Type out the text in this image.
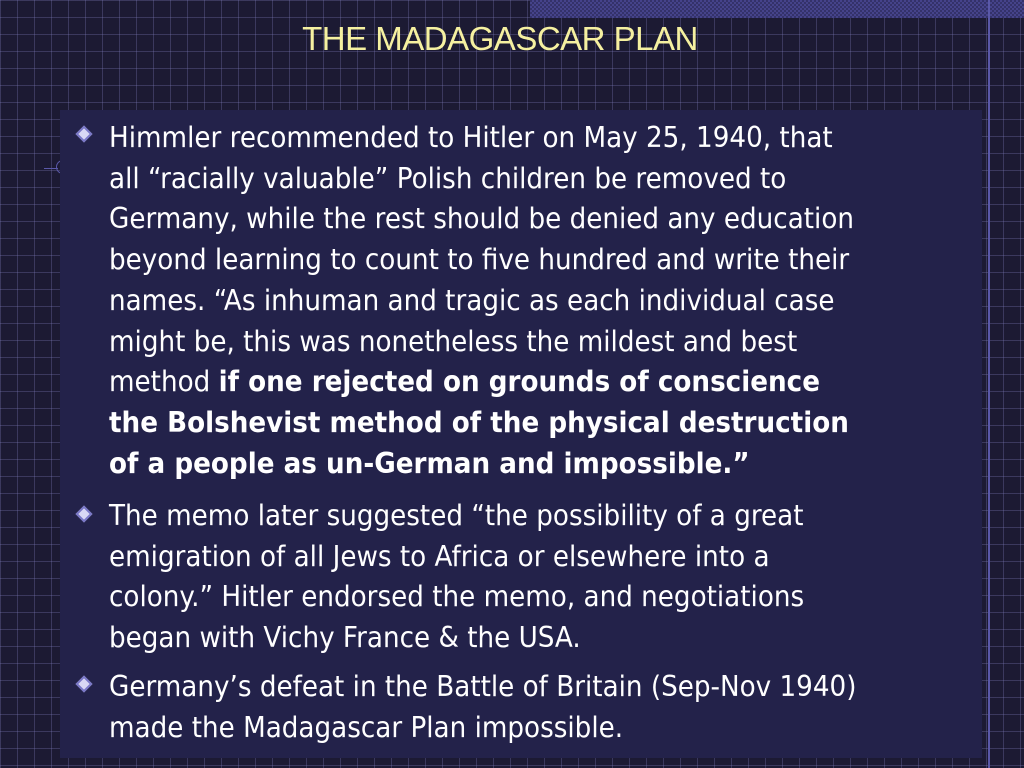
THE MADAGASCAR PLAN
Himmler recommended to Hitler on May 25, 1940, that
all “racially valuable” Polish children be removed to
Germany, while the rest should be denied any education
beyond learning to count to five hundred and write their
names. “As inhuman and tragic as each individual case
might be, this was nonetheless the mildest and best
method if one rejected on grounds of conscience
the Bolshevist method of the physical destruction
of a people as un-German and impossible.”
The memo later suggested “the possibility of a great
emigration of all Jews to Africa or elsewhere into a
colony.” Hitler endorsed the memo, and negotiations
began with Vichy France & the USA.
Germany’s defeat in the Battle of Britain (Sep-Nov 1940)
made the Madagascar Plan impossible.
